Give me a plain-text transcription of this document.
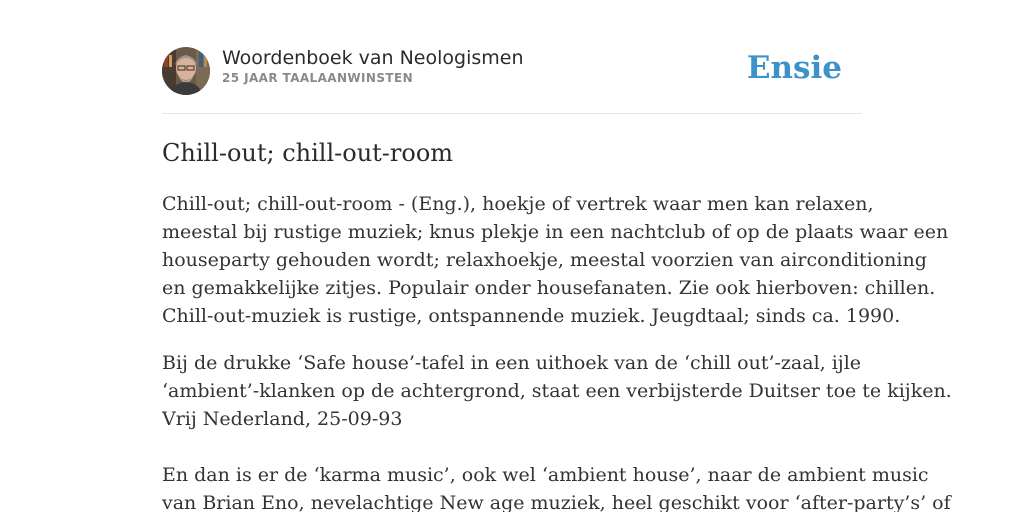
Woordenboek van Neologismen
25 JAAR TAALAANWINSTEN	Ensie
Chill-out; chill-out-room

Chill-out; chill-out-room - (Eng.), hoekje of vertrek waar men kan relaxen,
meestal bij rustige muziek; knus plekje in een nachtclub of op de plaats waar een
houseparty gehouden wordt; relaxhoekje, meestal voorzien van airconditioning
en gemakkelijke zitjes. Populair onder housefanaten. Zie ook hierboven: chillen.
Chill-out-muziek is rustige, ontspannende muziek. Jeugdtaal; sinds ca. 1990.

Bij de drukke ‘Safe house’-tafel in een uithoek van de ‘chill out’-zaal, ijle
‘ambient’-klanken op de achtergrond, staat een verbijsterde Duitser toe te kijken.
Vrij Nederland, 25-09-93
En dan is er de ‘karma music’, ook wel ‘ambient house’, naar de ambient music
van Brian Eno, nevelachtige New age muziek, heel geschikt voor ‘after-party’s’ of
